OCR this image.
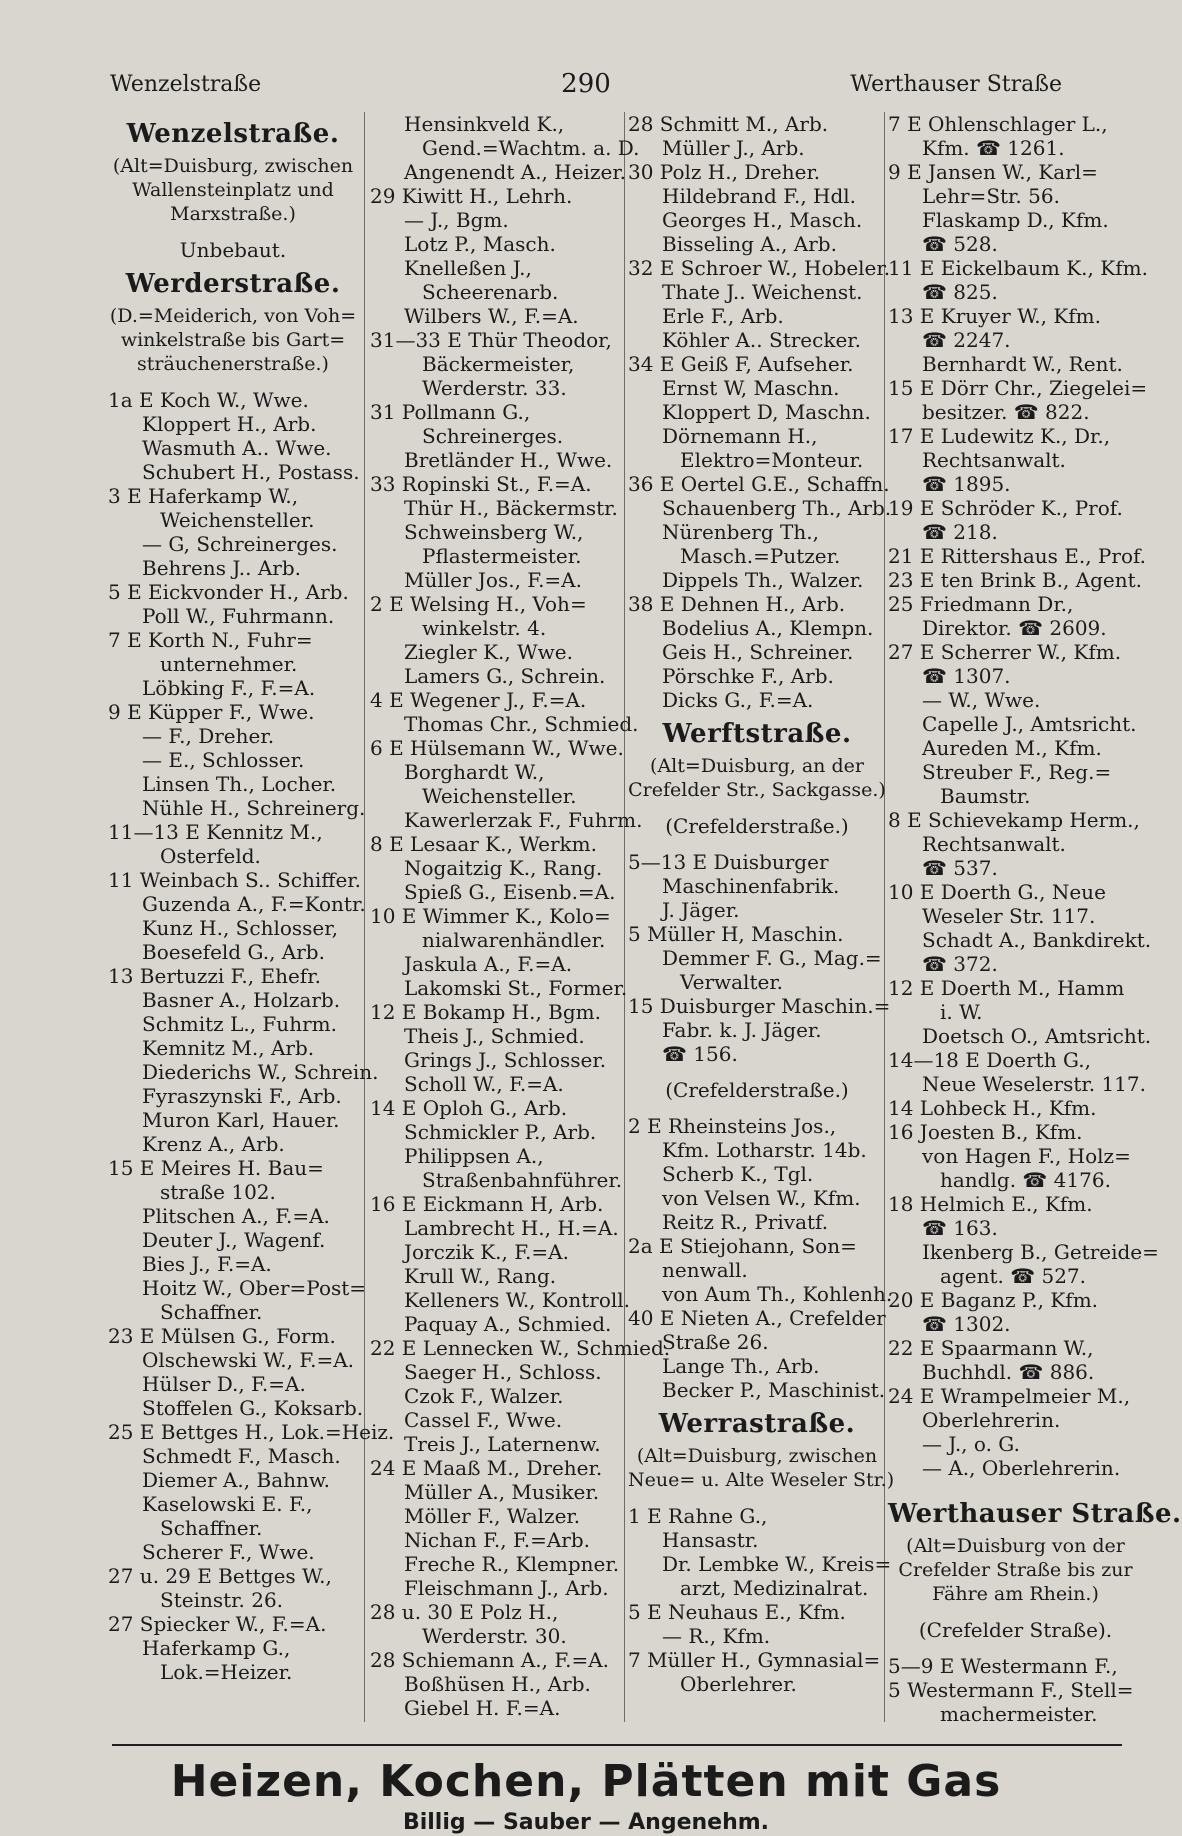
Wenzelstraße	290	Werthauser Straße
Wenzelstraße.
(Alt=Duisburg, zwischen
Wallensteinplatz und
Marxstraße.)
Unbebaut.
Werderstraße.
(D.=Meiderich, von Voh=
winkelstraße bis Gart=
sträuchenerstraße.)
1a E Koch W., Wwe.
Kloppert H., Arb.
Wasmuth A.. Wwe.
Schubert H., Postass.
3 E Haferkamp W.,
Weichensteller.
— G, Schreinerges.
Behrens J.. Arb.
5 E Eickvonder H., Arb.
Poll W., Fuhrmann.
7 E Korth N., Fuhr=
unternehmer.
Löbking F., F.=A.
9 E Küpper F., Wwe.
— F., Dreher.
— E., Schlosser.
Linsen Th., Locher.
Nühle H., Schreinerg.
11—13 E Kennitz M.,
Osterfeld.
11 Weinbach S.. Schiffer.
Guzenda A., F.=Kontr.
Kunz H., Schlosser,
Boesefeld G., Arb.
13 Bertuzzi F., Ehefr.
Basner A., Holzarb.
Schmitz L., Fuhrm.
Kemnitz M., Arb.
Diederichs W., Schrein.
Fyraszynski F., Arb.
Muron Karl, Hauer.
Krenz A., Arb.
15 E Meires H. Bau=
straße 102.
Plitschen A., F.=A.
Deuter J., Wagenf.
Bies J., F.=A.
Hoitz W., Ober=Post=
Schaffner.
23 E Mülsen G., Form.
Olschewski W., F.=A.
Hülser D., F.=A.
Stoffelen G., Koksarb.
25 E Bettges H., Lok.=Heiz.
Schmedt F., Masch.
Diemer A., Bahnw.
Kaselowski E. F.,
Schaffner.
Scherer F., Wwe.
27 u. 29 E Bettges W.,
Steinstr. 26.
27 Spiecker W., F.=A.
Haferkamp G.,
Lok.=Heizer.
Hensinkveld K.,
Gend.=Wachtm. a. D.
Angenendt A., Heizer.
29 Kiwitt H., Lehrh.
— J., Bgm.
Lotz P., Masch.
Knelleßen J.,
Scheerenarb.
Wilbers W., F.=A.
31—33 E Thür Theodor,
Bäckermeister,
Werderstr. 33.
31 Pollmann G.,
Schreinerges.
Bretländer H., Wwe.
33 Ropinski St., F.=A.
Thür H., Bäckermstr.
Schweinsberg W.,
Pflastermeister.
Müller Jos., F.=A.
2 E Welsing H., Voh=
winkelstr. 4.
Ziegler K., Wwe.
Lamers G., Schrein.
4 E Wegener J., F.=A.
Thomas Chr., Schmied.
6 E Hülsemann W., Wwe.
Borghardt W.,
Weichensteller.
Kawerlerzak F., Fuhrm.
8 E Lesaar K., Werkm.
Nogaitzig K., Rang.
Spieß G., Eisenb.=A.
10 E Wimmer K., Kolo=
nialwarenhändler.
Jaskula A., F.=A.
Lakomski St., Former.
12 E Bokamp H., Bgm.
Theis J., Schmied.
Grings J., Schlosser.
Scholl W., F.=A.
14 E Oploh G., Arb.
Schmickler P., Arb.
Philippsen A.,
Straßenbahnführer.
16 E Eickmann H, Arb.
Lambrecht H., H.=A.
Jorczik K., F.=A.
Krull W., Rang.
Kelleners W., Kontroll.
Paquay A., Schmied.
22 E Lennecken W., Schmied.
Saeger H., Schloss.
Czok F., Walzer.
Cassel F., Wwe.
Treis J., Laternenw.
24 E Maaß M., Dreher.
Müller A., Musiker.
Möller F., Walzer.
Nichan F., F.=Arb.
Freche R., Klempner.
Fleischmann J., Arb.
28 u. 30 E Polz H.,
Werderstr. 30.
28 Schiemann A., F.=A.
Boßhüsen H., Arb.
Giebel H. F.=A.
28 Schmitt M., Arb.
Müller J., Arb.
30 Polz H., Dreher.
Hildebrand F., Hdl.
Georges H., Masch.
Bisseling A., Arb.
32 E Schroer W., Hobeler.
Thate J.. Weichenst.
Erle F., Arb.
Köhler A.. Strecker.
34 E Geiß F, Aufseher.
Ernst W, Maschn.
Kloppert D, Maschn.
Dörnemann H.,
Elektro=Monteur.
36 E Oertel G.E., Schaffn.
Schauenberg Th., Arb.
Nürenberg Th.,
Masch.=Putzer.
Dippels Th., Walzer.
38 E Dehnen H., Arb.
Bodelius A., Klempn.
Geis H., Schreiner.
Pörschke F., Arb.
Dicks G., F.=A.
Werftstraße.
(Alt=Duisburg, an der
Crefelder Str., Sackgasse.)
(Crefelderstraße.)
5—13 E Duisburger
Maschinenfabrik.
J. Jäger.
5 Müller H, Maschin.
Demmer F. G., Mag.=
Verwalter.
15 Duisburger Maschin.=
Fabr. k. J. Jäger.
☎ 156.
(Crefelderstraße.)
2 E Rheinsteins Jos.,
Kfm. Lotharstr. 14b.
Scherb K., Tgl.
von Velsen W., Kfm.
Reitz R., Privatf.
2a E Stiejohann, Son=
nenwall.
von Aum Th., Kohlenh.
40 E Nieten A., Crefelder
Straße 26.
Lange Th., Arb.
Becker P., Maschinist.
Werrastraße.
(Alt=Duisburg, zwischen
Neue= u. Alte Weseler Str.)
1 E Rahne G.,
Hansastr.
Dr. Lembke W., Kreis=
arzt, Medizinalrat.
5 E Neuhaus E., Kfm.
— R., Kfm.
7 Müller H., Gymnasial=
Oberlehrer.
7 E Ohlenschlager L.,
Kfm. ☎ 1261.
9 E Jansen W., Karl=
Lehr=Str. 56.
Flaskamp D., Kfm.
☎ 528.
11 E Eickelbaum K., Kfm.
☎ 825.
13 E Kruyer W., Kfm.
☎ 2247.
Bernhardt W., Rent.
15 E Dörr Chr., Ziegelei=
besitzer. ☎ 822.
17 E Ludewitz K., Dr.,
Rechtsanwalt.
☎ 1895.
19 E Schröder K., Prof.
☎ 218.
21 E Rittershaus E., Prof.
23 E ten Brink B., Agent.
25 Friedmann Dr.,
Direktor. ☎ 2609.
27 E Scherrer W., Kfm.
☎ 1307.
— W., Wwe.
Capelle J., Amtsricht.
Aureden M., Kfm.
Streuber F., Reg.=
Baumstr.
8 E Schievekamp Herm.,
Rechtsanwalt.
☎ 537.
10 E Doerth G., Neue
Weseler Str. 117.
Schadt A., Bankdirekt.
☎ 372.
12 E Doerth M., Hamm
i. W.
Doetsch O., Amtsricht.
14—18 E Doerth G.,
Neue Weselerstr. 117.
14 Lohbeck H., Kfm.
16 Joesten B., Kfm.
von Hagen F., Holz=
handlg. ☎ 4176.
18 Helmich E., Kfm.
☎ 163.
Ikenberg B., Getreide=
agent. ☎ 527.
20 E Baganz P., Kfm.
☎ 1302.
22 E Spaarmann W.,
Buchhdl. ☎ 886.
24 E Wrampelmeier M.,
Oberlehrerin.
— J., o. G.
— A., Oberlehrerin.
Werthauser Straße.
(Alt=Duisburg von der
Crefelder Straße bis zur
Fähre am Rhein.)
(Crefelder Straße).
5—9 E Westermann F.,
5 Westermann F., Stell=
machermeister.
Heizen, Kochen, Plätten mit Gas
Billig — Sauber — Angenehm.
